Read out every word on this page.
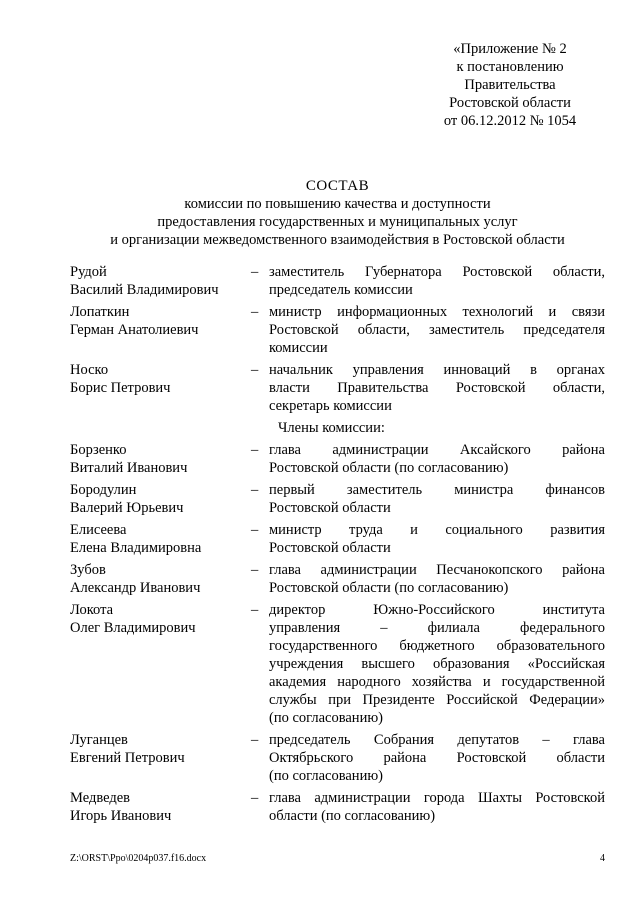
«Приложение № 2
к постановлению
Правительства
Ростовской области
от 06.12.2012 № 1054
СОСТАВ
комиссии по повышению качества и доступности
предоставления государственных и муниципальных услуг
и организации межведомственного взаимодействия в Ростовской области
Рудой
Василий Владимирович
– заместитель Губернатора Ростовской области,
председатель комиссии
Лопаткин
Герман Анатолиевич
– министр информационных технологий и связи
Ростовской области, заместитель председателя
комиссии
Носко
Борис Петрович
– начальник управления инноваций в органах
власти Правительства Ростовской области,
секретарь комиссии
Члены комиссии:
Борзенко
Виталий Иванович
– глава администрации Аксайского района
Ростовской области (по согласованию)
Бородулин
Валерий Юрьевич
– первый заместитель министра финансов
Ростовской области
Елисеева
Елена Владимировна
– министр труда и социального развития
Ростовской области
Зубов
Александр Иванович
– глава администрации Песчанокопского района
Ростовской области (по согласованию)
Локота
Олег Владимирович
– директор Южно-Российского института
управления – филиала федерального
государственного бюджетного образовательного
учреждения высшего образования «Российская
академия народного хозяйства и государственной
службы при Президенте Российской Федерации»
(по согласованию)
Луганцев
Евгений Петрович
– председатель Собрания депутатов – глава
Октябрьского района Ростовской области
(по согласованию)
Медведев
Игорь Иванович
– глава администрации города Шахты Ростовской
области (по согласованию)
Z:\ORST\Ppo\0204p037.f16.docx	4
